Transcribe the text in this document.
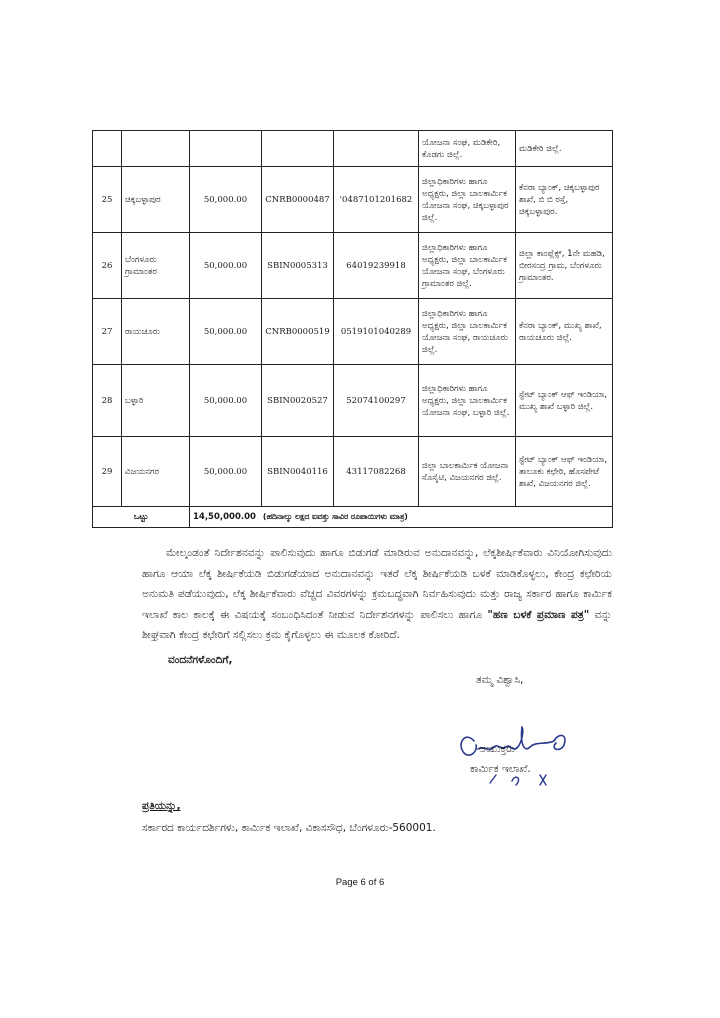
					ಯೋಜನಾ ಸಂಘ, ಮಡಿಕೇರಿ, ಕೊಡಗು ಜಿಲ್ಲೆ.	ಮಡಿಕೇರಿ ಜಿಲ್ಲೆ.
25	ಚಿಕ್ಕಬಳ್ಳಾಪುರ	50,000.00	CNRB0000487	'0487101201682	ಜಿಲ್ಲಾಧಿಕಾರಿಗಳು ಹಾಗೂ ಅಧ್ಯಕ್ಷರು, ಜಿಲ್ಲಾ ಬಾಲಕಾರ್ಮಿಕ ಯೋಜನಾ ಸಂಘ, ಚಿಕ್ಕಬಳ್ಳಾಪುರ ಜಿಲ್ಲೆ.	ಕೆನರಾ ಬ್ಯಾಂಕ್, ಚಿಕ್ಕಬಳ್ಳಾಪುರ ಶಾಖೆ, ಬಿ ಬಿ ರಸ್ತೆ, ಚಿಕ್ಕಬಳ್ಳಾಪುರ.
26	ಬೆಂಗಳೂರು ಗ್ರಾಮಾಂತರ	50,000.00	SBIN0005313	64019239918	ಜಿಲ್ಲಾಧಿಕಾರಿಗಳು ಹಾಗೂ ಅಧ್ಯಕ್ಷರು, ಜಿಲ್ಲಾ ಬಾಲಕಾರ್ಮಿಕ ಯೋಜನಾ ಸಂಘ, ಬೆಂಗಳೂರು ಗ್ರಾಮಾಂತರ ಜಿಲ್ಲೆ.	ಜಿಲ್ಲಾ ಕಾಂಪ್ಲೆಕ್ಸ್, 1ನೇ ಮಹಡಿ, ಬೀರಸಂದ್ರ ಗ್ರಾಮ, ಬೆಂಗಳೂರು ಗ್ರಾಮಾಂತರ.
27	ರಾಯಚೂರು	50,000.00	CNRB0000519	0519101040289	ಜಿಲ್ಲಾಧಿಕಾರಿಗಳು ಹಾಗೂ ಅಧ್ಯಕ್ಷರು, ಜಿಲ್ಲಾ ಬಾಲಕಾರ್ಮಿಕ ಯೋಜನಾ ಸಂಘ, ರಾಯಚೂರು ಜಿಲ್ಲೆ.	ಕೆನರಾ ಬ್ಯಾಂಕ್, ಮುಖ್ಯ ಶಾಖೆ, ರಾಯಚೂರು ಜಿಲ್ಲೆ.
28	ಬಳ್ಳಾರಿ	50,000.00	SBIN0020527	52074100297	ಜಿಲ್ಲಾಧಿಕಾರಿಗಳು ಹಾಗೂ ಅಧ್ಯಕ್ಷರು, ಜಿಲ್ಲಾ ಬಾಲಕಾರ್ಮಿಕ ಯೋಜನಾ ಸಂಘ, ಬಳ್ಳಾರಿ ಜಿಲ್ಲೆ.	ಸ್ಟೇಟ್ ಬ್ಯಾಂಕ್ ಆಫ್ ಇಂಡಿಯಾ, ಮುಖ್ಯ ಶಾಖೆ ಬಳ್ಳಾರಿ ಜಿಲ್ಲೆ.
29	ವಿಜಯನಗರ	50,000.00	SBIN0040116	43117082268	ಜಿಲ್ಲಾ ಬಾಲಕಾರ್ಮಿಕ ಯೋಜನಾ ಸೊಸೈಟಿ, ವಿಜಯನಗರ ಜಿಲ್ಲೆ.	ಸ್ಟೇಟ್ ಬ್ಯಾಂಕ್ ಆಫ್ ಇಂಡಿಯಾ, ತಾಲೂಕು ಕಛೇರಿ, ಹೊಸಪೇಟೆ ಶಾಖೆ, ವಿಜಯನಗರ ಜಿಲ್ಲೆ.
ಒಟ್ಟು		14,50,000.00 (ಹದಿನಾಲ್ಕು ಲಕ್ಷದ ಐವತ್ತು ಸಾವಿರ ರೂಪಾಯಿಗಳು ಮಾತ್ರ)				
ಮೇಲ್ಕಂಡಂತೆ ನಿರ್ದೇಶನವನ್ನು ಪಾಲಿಸುವುದು ಹಾಗೂ ಬಿಡುಗಡೆ ಮಾಡಿರುವ ಅನುದಾನವನ್ನು, ಲೆಕ್ಕಶೀರ್ಷಿಕೆವಾರು ವಿನಿಯೋಗಿಸುವುದು ಹಾಗೂ ಆಯಾ ಲೆಕ್ಕ ಶೀರ್ಷಿಕೆಯಡಿ ಬಿಡುಗಡೆಯಾದ ಅನುದಾನವನ್ನು ಇತರೆ ಲೆಕ್ಕ ಶೀರ್ಷಿಕೆಯಡಿ ಬಳಕೆ ಮಾಡಿಕೊಳ್ಳಲು, ಕೇಂದ್ರ ಕಛೇರಿಯ ಅನುಮತಿ ಪಡೆಯುವುದು, ಲೆಕ್ಕ ಶೀರ್ಷಿಕೆವಾರು ವೆಚ್ಚದ ವಿವರಗಳನ್ನು ಕ್ರಮಬದ್ಧವಾಗಿ ನಿರ್ವಹಿಸುವುದು ಮತ್ತು ರಾಜ್ಯ ಸರ್ಕಾರ ಹಾಗೂ ಕಾರ್ಮಿಕ ಇಲಾಖೆ ಕಾಲ ಕಾಲಕ್ಕೆ ಈ ವಿಷಯಕ್ಕೆ ಸಂಬಂಧಿಸಿದಂತೆ ನೀಡುವ ನಿರ್ದೇಶನಗಳನ್ನು ಪಾಲಿಸಲು ಹಾಗೂ "ಹಣ ಬಳಕೆ ಪ್ರಮಾಣ ಪತ್ರ" ವನ್ನು ಶೀಘ್ರವಾಗಿ ಕೇಂದ್ರ ಕಛೇರಿಗೆ ಸಲ್ಲಿಸಲು ಕ್ರಮ ಕೈಗೊಳ್ಳಲು ಈ ಮೂಲಕ ಕೋರಿದೆ.
ವಂದನೆಗಳೊಂದಿಗೆ,
ತಮ್ಮ ವಿಶ್ವಾಸಿ,
ಆಯುಕ್ತರು
ಕಾರ್ಮಿಕ ಇಲಾಖೆ.
ಪ್ರತಿಯನ್ನು,
ಸರ್ಕಾರದ ಕಾರ್ಯದರ್ಶಿಗಳು, ಕಾರ್ಮಿಕ ಇಲಾಖೆ, ವಿಕಾಸಸೌಧ, ಬೆಂಗಳೂರು-560001.
Page 6 of 6
